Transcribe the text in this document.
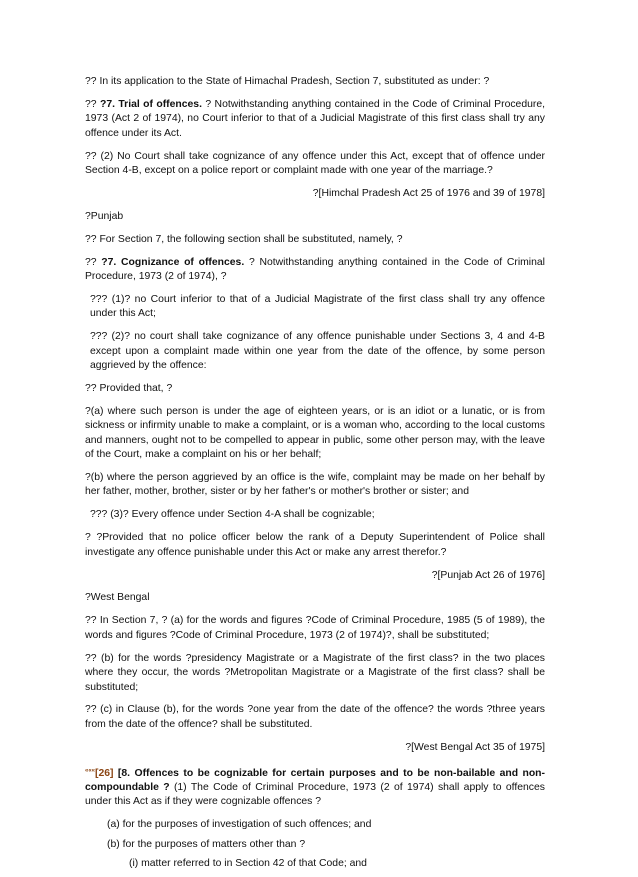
?? In its application to the State of Himachal Pradesh, Section 7, substituted as under: ?

?? ?7. Trial of offences. ? Notwithstanding anything contained in the Code of Criminal Procedure, 1973 (Act 2 of 1974), no Court inferior to that of a Judicial Magistrate of this first class shall try any offence under its Act.

?? (2) No Court shall take cognizance of any offence under this Act, except that of offence under Section 4-B, except on a police report or complaint made with one year of the marriage.?

?[Himchal Pradesh Act 25 of 1976 and 39 of 1978]

?Punjab

?? For Section 7, the following section shall be substituted, namely, ?

?? ?7. Cognizance of offences. ? Notwithstanding anything contained in the Code of Criminal Procedure, 1973 (2 of 1974), ?

??? (1)? no Court inferior to that of a Judicial Magistrate of the first class shall try any offence under this Act;

??? (2)? no court shall take cognizance of any offence punishable under Sections 3, 4 and 4-B except upon a complaint made within one year from the date of the offence, by some person aggrieved by the offence:

?? Provided that, ?

?(a) where such person is under the age of eighteen years, or is an idiot or a lunatic, or is from sickness or infirmity unable to make a complaint, or is a woman who, according to the local customs and manners, ought not to be compelled to appear in public, some other person may, with the leave of the Court, make a complaint on his or her behalf;

?(b) where the person aggrieved by an office is the wife, complaint may be made on her behalf by her father, mother, brother, sister or by her father's or mother's brother or sister; and

??? (3)? Every offence under Section 4-A shall be cognizable;

? ?Provided that no police officer below the rank of a Deputy Superintendent of Police shall investigate any offence punishable under this Act or make any arrest therefor.?

?[Punjab Act 26 of 1976]

?West Bengal

?? In Section 7, ? (a) for the words and figures ?Code of Criminal Procedure, 1985 (5 of 1989), the words and figures ?Code of Criminal Procedure, 1973 (2 of 1974)?, shall be substituted;

?? (b) for the words ?presidency Magistrate or a Magistrate of the first class? in the two places where they occur, the words ?Metropolitan Magistrate or a Magistrate of the first class? shall be substituted;

?? (c) in Clause (b), for the words ?one year from the date of the offence? the words ?three years from the date of the offence? shall be substituted.

?[West Bengal Act 35 of 1975]

«««[26] [8. Offences to be cognizable for certain purposes and to be non-bailable and non-compoundable ? (1) The Code of Criminal Procedure, 1973 (2 of 1974) shall apply to offences under this Act as if they were cognizable offences ?

(a) for the purposes of investigation of such offences; and

(b) for the purposes of matters other than ?

(i) matter referred to in Section 42 of that Code; and
